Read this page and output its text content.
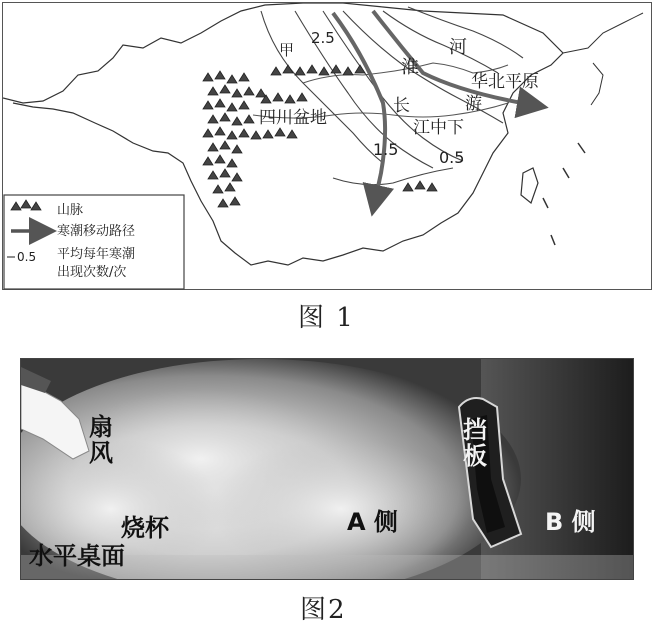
甲
2.5
淮
河
华北平原
长
江中下
游
四川盆地
1.5	0.5
山脉
寒潮移动路径
0.5 平均每年寒潮
出现次数/次
图 1
扇风
挡板
A 侧	B 侧
烧杯
水平桌面
图2
